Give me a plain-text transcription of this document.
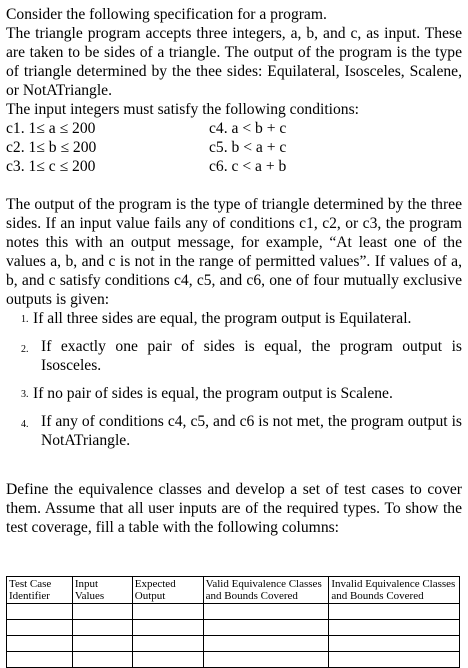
Consider the following specification for a program.

The triangle program accepts three integers, a, b, and c, as input. These are taken to be sides of a triangle. The output of the program is the type of triangle determined by the thee sides: Equilateral, Isosceles, Scalene, or NotATriangle.

The input integers must satisfy the following conditions:

c1. 1≤ a ≤ 200	c4. a < b + c
c2. 1≤ b ≤ 200	c5. b < a + c
c3. 1≤ c ≤ 200	c6. c < a + b

The output of the program is the type of triangle determined by the three sides. If an input value fails any of conditions c1, c2, or c3, the program notes this with an output message, for example, “At least one of the values a, b, and c is not in the range of permitted values”. If values of a, b, and c satisfy conditions c4, c5, and c6, one of four mutually exclusive outputs is given:

1. If all three sides are equal, the program output is Equilateral.
2. If exactly one pair of sides is equal, the program output is Isosceles.
3. If no pair of sides is equal, the program output is Scalene.
4. If any of conditions c4, c5, and c6 is not met, the program output is NotATriangle.

Define the equivalence classes and develop a set of test cases to cover them. Assume that all user inputs are of the required types. To show the test coverage, fill a table with the following columns:

Test Case Identifier	Input Values	Expected Output	Valid Equivalence Classes and Bounds Covered	Invalid Equivalence Classes and Bounds Covered
